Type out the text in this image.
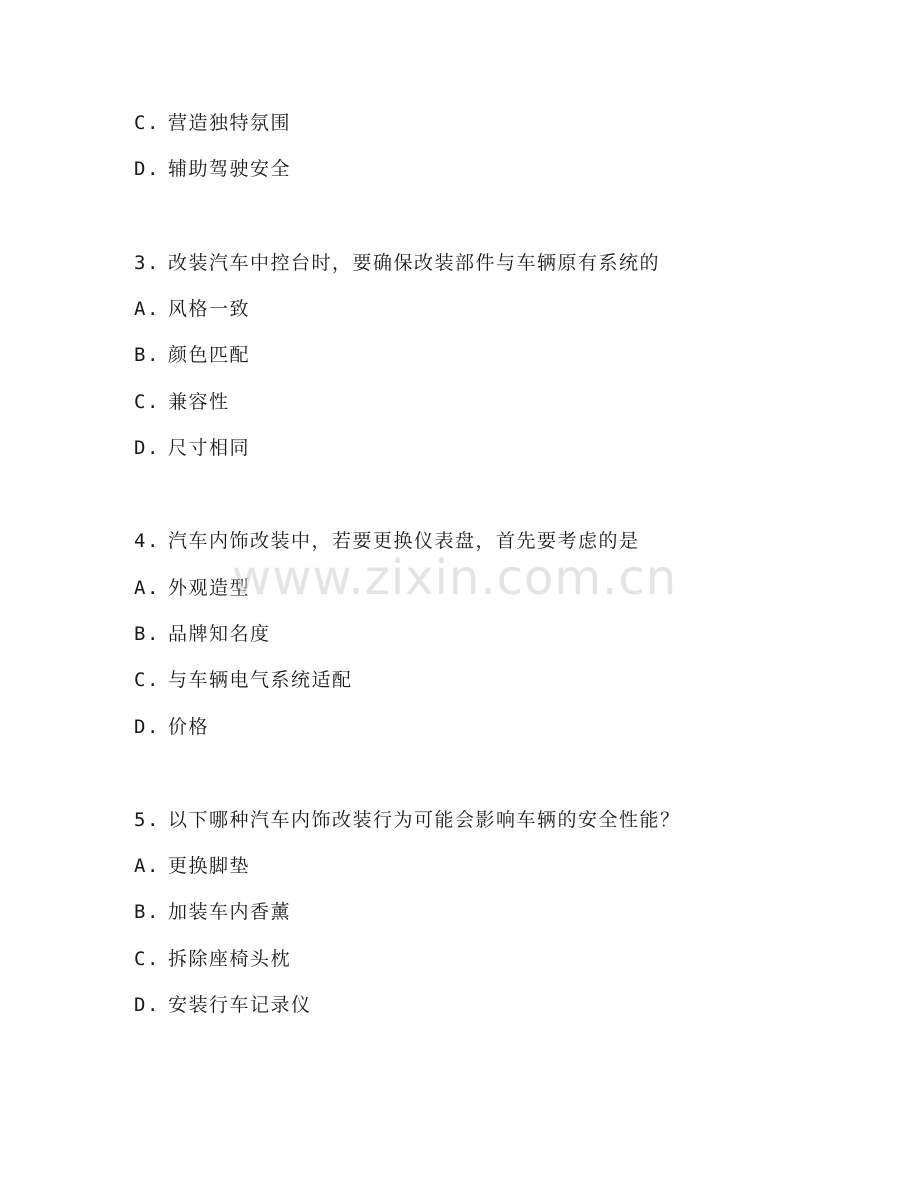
C. 营造独特氛围
D. 辅助驾驶安全
3. 改装汽车中控台时，要确保改装部件与车辆原有系统的
A. 风格一致
B. 颜色匹配
C. 兼容性
D. 尺寸相同
4. 汽车内饰改装中，若要更换仪表盘，首先要考虑的是
A. 外观造型
B. 品牌知名度
C. 与车辆电气系统适配
D. 价格
5. 以下哪种汽车内饰改装行为可能会影响车辆的安全性能？
A. 更换脚垫
B. 加装车内香薰
C. 拆除座椅头枕
D. 安装行车记录仪
www.zixin.com.cn
